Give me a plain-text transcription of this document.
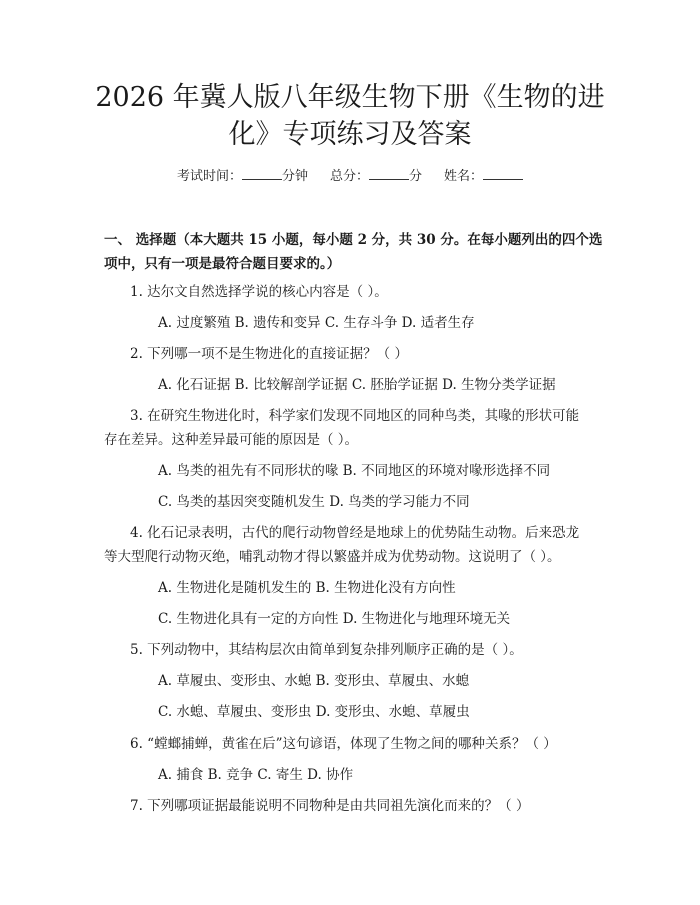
2026 年冀人版八年级生物下册《生物的进
化》专项练习及答案
考试时间：	分钟 总分：	分 姓名：
一、 选择题（本大题共 15 小题，每小题 2 分，共 30 分。在每小题列出的四个选
项中，只有一项是最符合题目要求的。）
1. 达尔文自然选择学说的核心内容是（ ）。
A. 过度繁殖 B. 遗传和变异 C. 生存斗争 D. 适者生存
2. 下列哪一项不是生物进化的直接证据？（ ）
A. 化石证据 B. 比较解剖学证据 C. 胚胎学证据 D. 生物分类学证据
3. 在研究生物进化时，科学家们发现不同地区的同种鸟类，其喙的形状可能
存在差异。这种差异最可能的原因是（ ）。
A. 鸟类的祖先有不同形状的喙 B. 不同地区的环境对喙形选择不同
C. 鸟类的基因突变随机发生 D. 鸟类的学习能力不同
4. 化石记录表明，古代的爬行动物曾经是地球上的优势陆生动物。后来恐龙
等大型爬行动物灭绝，哺乳动物才得以繁盛并成为优势动物。这说明了（ ）。
A. 生物进化是随机发生的 B. 生物进化没有方向性
C. 生物进化具有一定的方向性 D. 生物进化与地理环境无关
5. 下列动物中，其结构层次由简单到复杂排列顺序正确的是（ ）。
A. 草履虫、变形虫、水螅 B. 变形虫、草履虫、水螅
C. 水螅、草履虫、变形虫 D. 变形虫、水螅、草履虫
6. “螳螂捕蝉，黄雀在后”这句谚语，体现了生物之间的哪种关系？（ ）
A. 捕食 B. 竞争 C. 寄生 D. 协作
7. 下列哪项证据最能说明不同物种是由共同祖先演化而来的？（ ）
